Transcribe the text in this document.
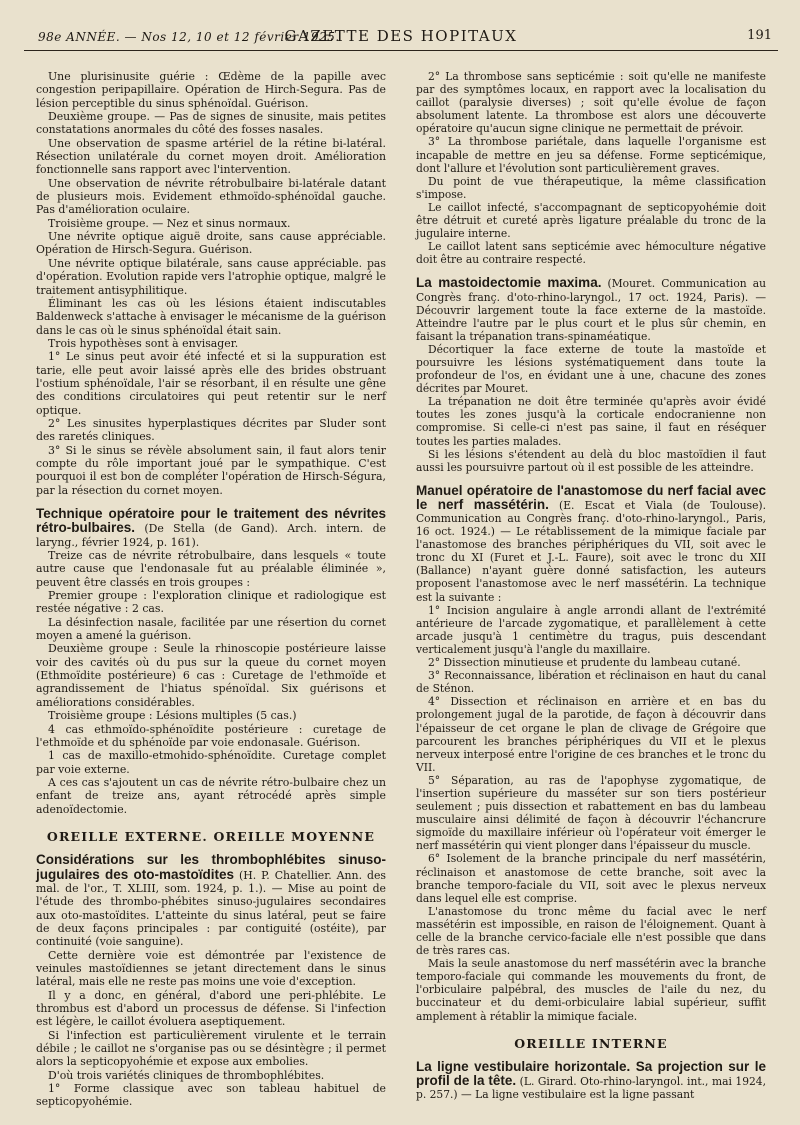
98e ANNÉE. — Nos 12, 10 et 12 février 1925.
GAZETTE DES HOPITAUX	191

Une plurisinusite guérie : Œdème de la papille avec congestion peripapillaire. Opération de Hirch-Segura. Pas de lésion perceptible du sinus sphénoïdal. Guérison.

Deuxième groupe. — Pas de signes de sinusite, mais petites constatations anormales du côté des fosses nasales.

Une observation de spasme artériel de la rétine bi-latéral. Résection unilatérale du cornet moyen droit. Amélioration fonctionnelle sans rapport avec l'intervention.

Une observation de névrite rétrobulbaire bi-latérale datant de plusieurs mois. Evidement ethmoïdo-sphénoïdal gauche. Pas d'amélioration oculaire.

Troisième groupe. — Nez et sinus normaux.

Une névrite optique aiguë droite, sans cause appréciable. Opération de Hirsch-Segura. Guérison.

Une névrite optique bilatérale, sans cause appréciable. pas d'opération. Evolution rapide vers l'atrophie optique, malgré le traitement antisyphilitique.

Éliminant les cas où les lésions étaient indiscutables Baldenweck s'attache à envisager le mécanisme de la guérison dans le cas où le sinus sphénoïdal était sain.

Trois hypothèses sont à envisager.

1° Le sinus peut avoir été infecté et si la suppuration est tarie, elle peut avoir laissé après elle des brides obstruant l'ostium sphénoïdale, l'air se résorbant, il en résulte une gêne des conditions circulatoires qui peut retentir sur le nerf optique.

2° Les sinusites hyperplastiques décrites par Sluder sont des raretés cliniques.

3° Si le sinus se révèle absolument sain, il faut alors tenir compte du rôle important joué par le sympathique. C'est pourquoi il est bon de compléter l'opération de Hirsch-Ségura, par la résection du cornet moyen.

Technique opératoire pour le traitement des névrites rétro-bulbaires. (De Stella (de Gand). Arch. intern. de laryng., février 1924, p. 161).

Treize cas de névrite rétrobulbaire, dans lesquels « toute autre cause que l'endonasale fut au préalable éliminée », peuvent être classés en trois groupes :

Premier groupe : l'exploration clinique et radiologique est restée négative : 2 cas.

La désinfection nasale, facilitée par une résertion du cornet moyen a amené la guérison.

Deuxième groupe : Seule la rhinoscopie postérieure laisse voir des cavités où du pus sur la queue du cornet moyen (Ethmoïdite postérieure) 6 cas : Curetage de l'ethmoïde et agrandissement de l'hiatus spénoïdal. Six guérisons et améliorations considérables.

Troisième groupe : Lésions multiples (5 cas.)

4 cas ethmoïdo-sphénoïdite postérieure : curetage de l'ethmoïde et du sphénoïde par voie endonasale. Guérison.

1 cas de maxillo-etmohido-sphénoïdite. Curetage complet par voie externe.

A ces cas s'ajoutent un cas de névrite rétro-bulbaire chez un enfant de treize ans, ayant rétrocédé après simple adenoïdectomie.

OREILLE EXTERNE. OREILLE MOYENNE

Considérations sur les thrombophlébites sinuso-jugulaires des oto-mastoïdites (H. P. Chatellier. Ann. des mal. de l'or., T. XLIII, som. 1924, p. 1.). — Mise au point de l'étude des thrombo-phébites sinuso-jugulaires secondaires aux oto-mastoïdites. L'atteinte du sinus latéral, peut se faire de deux façons principales : par contiguité (ostéite), par continuité (voie sanguine).

Cette dernière voie est démontrée par l'existence de veinules mastoïdiennes se jetant directement dans le sinus latéral, mais elle ne reste pas moins une voie d'exception.

Il y a donc, en général, d'abord une peri-phlébite. Le thrombus est d'abord un processus de défense. Si l'infection est légère, le caillot évoluera aseptiquement.

Si l'infection est particulièrement virulente et le terrain débile ; le caillot ne s'organise pas ou se désintègre ; il permet alors la septicopyohémie et expose aux embolies.

D'où trois variétés cliniques de thrombophlébites.

1° Forme classique avec son tableau habituel de septicopyohémie.

2° La thrombose sans septicémie : soit qu'elle ne manifeste par des symptômes locaux, en rapport avec la localisation du caillot (paralysie diverses) ; soit qu'elle évolue de façon absolument latente. La thrombose est alors une découverte opératoire qu'aucun signe clinique ne permettait de prévoir.

3° La thrombose pariétale, dans laquelle l'organisme est incapable de mettre en jeu sa défense. Forme septicémique, dont l'allure et l'évolution sont particulièrement graves.

Du point de vue thérapeutique, la même classification s'impose.

Le caillot infecté, s'accompagnant de septicopyohémie doit être détruit et cureté après ligature préalable du tronc de la jugulaire interne.

Le caillot latent sans septicémie avec hémoculture négative doit être au contraire respecté.

La mastoidectomie maxima. (Mouret. Communication au Congrès franç. d'oto-rhino-laryngol., 17 oct. 1924, Paris). — Découvrir largement toute la face externe de la mastoïde. Atteindre l'autre par le plus court et le plus sûr chemin, en faisant la trépanation trans-spinaméatique.

Décortiquer la face externe de toute la mastoïde et poursuivre les lésions systématiquement dans toute la profondeur de l'os, en évidant une à une, chacune des zones décrites par Mouret.

La trépanation ne doit être terminée qu'après avoir évidé toutes les zones jusqu'à la corticale endocranienne non compromise. Si celle-ci n'est pas saine, il faut en réséquer toutes les parties malades.

Si les lésions s'étendent au delà du bloc mastoïdien il faut aussi les poursuivre partout où il est possible de les atteindre.

Manuel opératoire de l'anastomose du nerf facial avec le nerf massétérin. (E. Escat et Viala (de Toulouse). Communication au Congrès franç. d'oto-rhino-laryngol., Paris, 16 oct. 1924.) — Le rétablissement de la mimique faciale par l'anastomose des branches périphériques du VII, soit avec le tronc du XI (Furet et J.-L. Faure), soit avec le tronc du XII (Ballance) n'ayant guère donné satisfaction, les auteurs proposent l'anastomose avec le nerf massétérin. La technique est la suivante :

1° Incision angulaire à angle arrondi allant de l'extrémité antérieure de l'arcade zygomatique, et parallèlement à cette arcade jusqu'à 1 centimètre du tragus, puis descendant verticalement jusqu'à l'angle du maxillaire.

2° Dissection minutieuse et prudente du lambeau cutané.

3° Reconnaissance, libération et réclinaison en haut du canal de Sténon.

4° Dissection et réclinaison en arrière et en bas du prolongement jugal de la parotide, de façon à découvrir dans l'épaisseur de cet organe le plan de clivage de Grégoire que parcourent les branches périphériques du VII et le plexus nerveux interposé entre l'origine de ces branches et le tronc du VII.

5° Séparation, au ras de l'apophyse zygomatique, de l'insertion supérieure du masséter sur son tiers postérieur seulement ; puis dissection et rabattement en bas du lambeau musculaire ainsi délimité de façon à découvrir l'échancrure sigmoïde du maxillaire inférieur où l'opérateur voit émerger le nerf massétérin qui vient plonger dans l'épaisseur du muscle.

6° Isolement de la branche principale du nerf massétérin, réclinaison et anastomose de cette branche, soit avec la branche temporo-faciale du VII, soit avec le plexus nerveux dans lequel elle est comprise.

L'anastomose du tronc même du facial avec le nerf massétérin est impossible, en raison de l'éloignement. Quant à celle de la branche cervico-faciale elle n'est possible que dans de très rares cas.

Mais la seule anastomose du nerf massétérin avec la branche temporo-faciale qui commande les mouvements du front, de l'orbiculaire palpébral, des muscles de l'aile du nez, du buccinateur et du demi-orbiculaire labial supérieur, suffit amplement à rétablir la mimique faciale.

OREILLE INTERNE

La ligne vestibulaire horizontale. Sa projection sur le profil de la tête. (L. Girard. Oto-rhino-laryngol. int., mai 1924, p. 257.) — La ligne vestibulaire est la ligne passant
